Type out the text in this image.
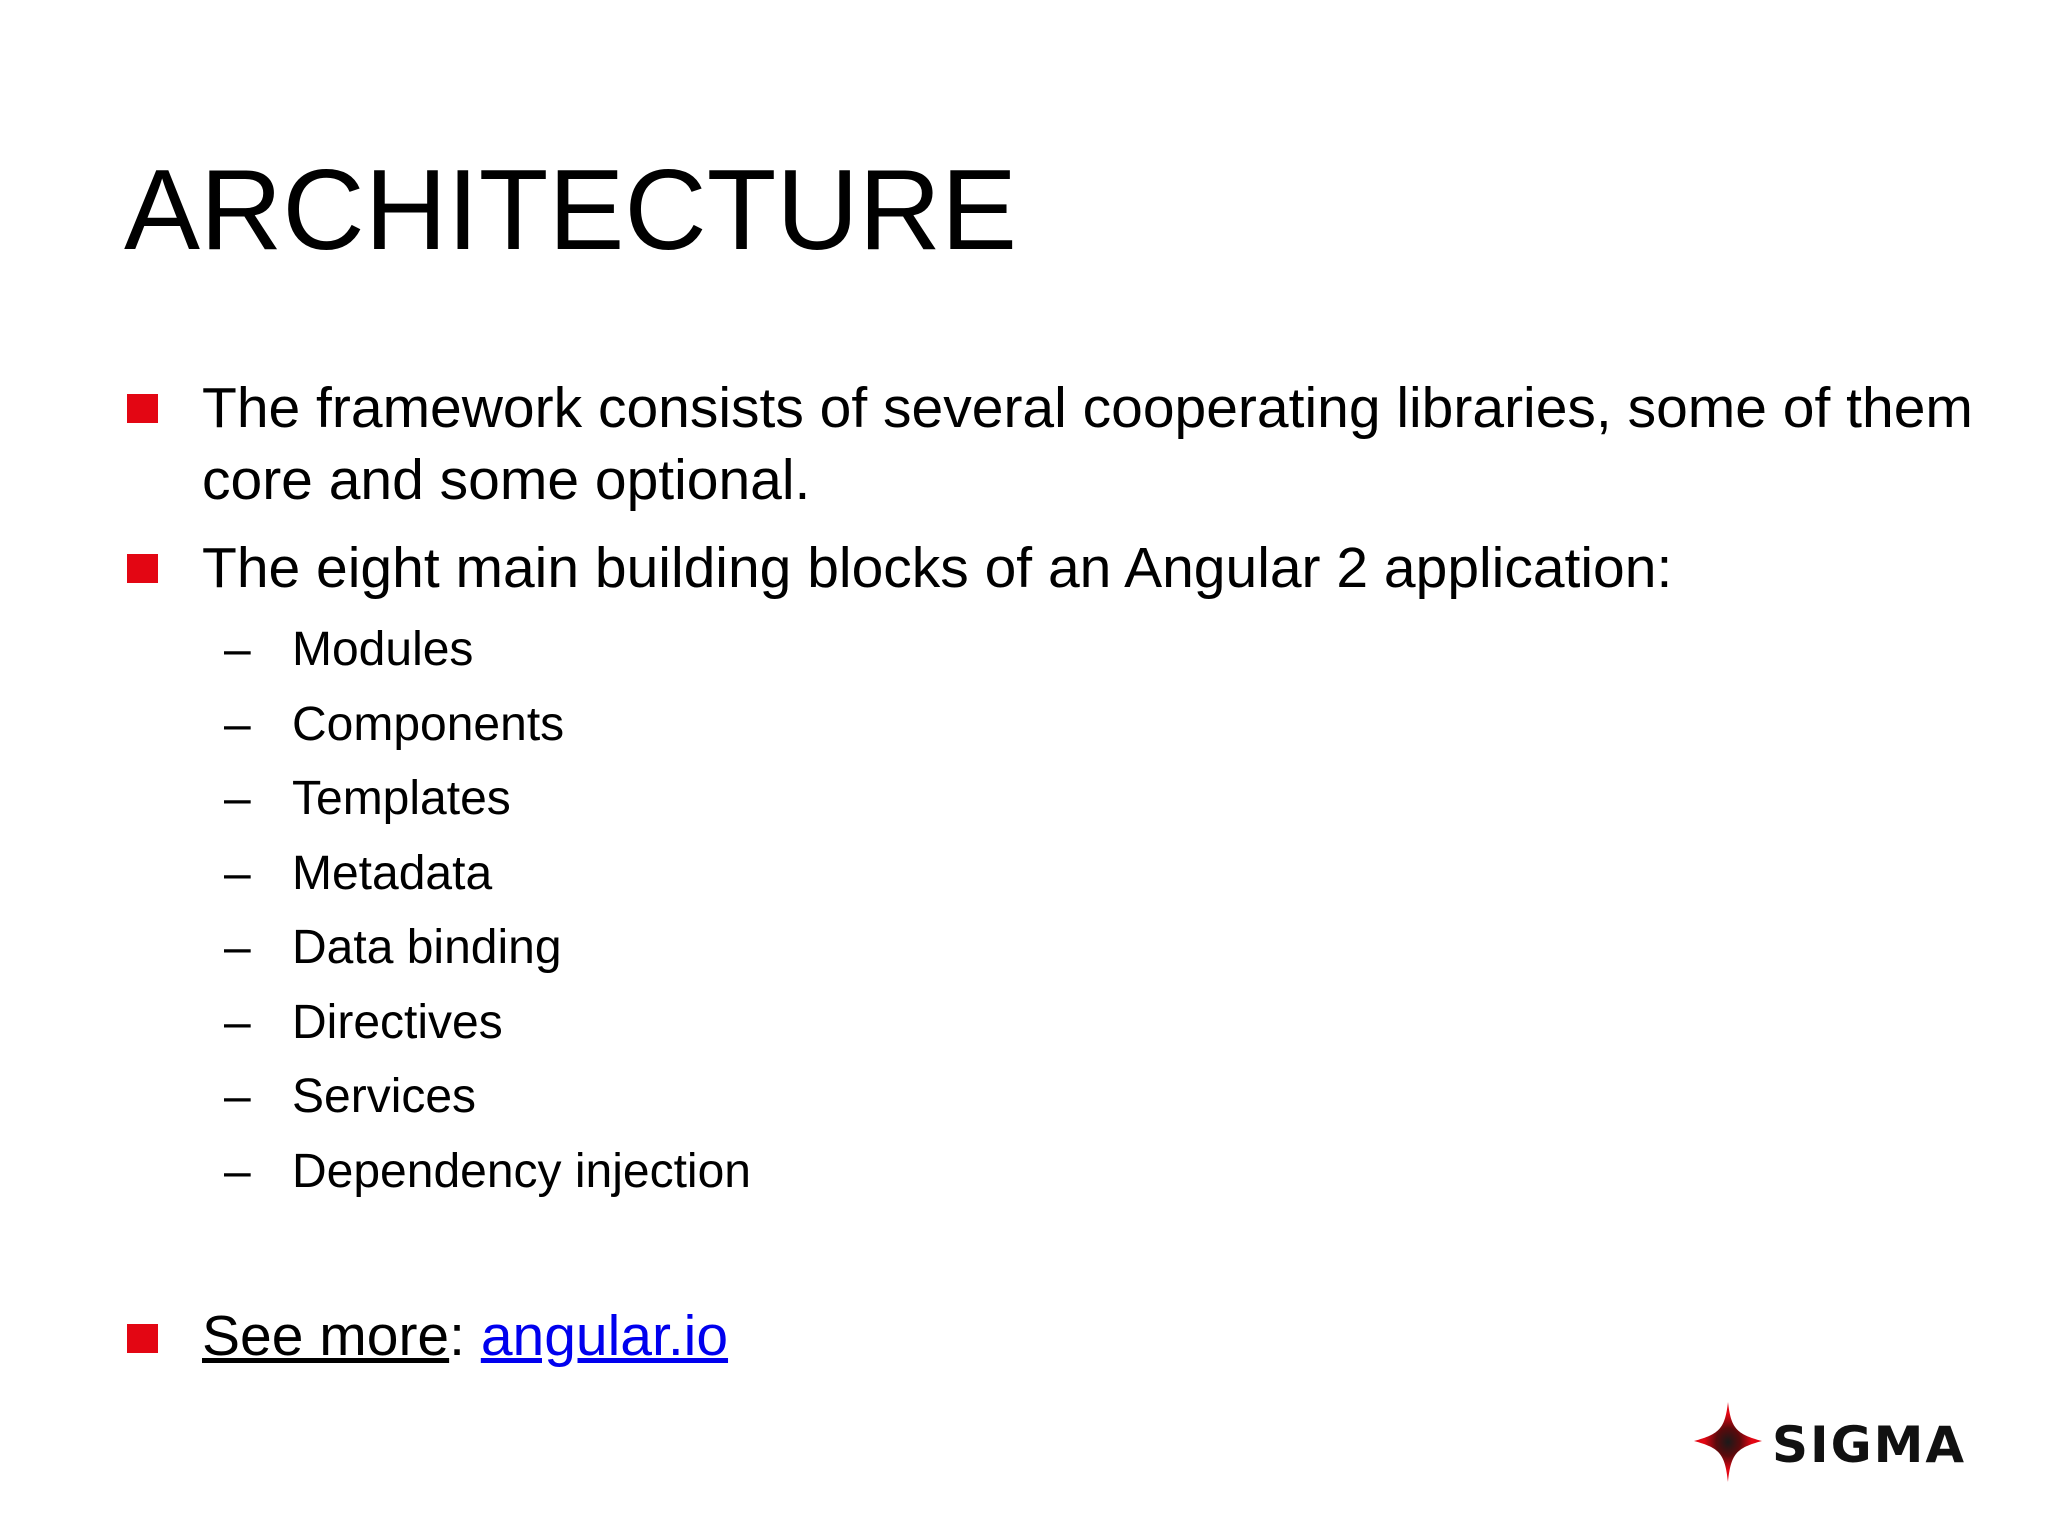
ARCHITECTURE
The framework consists of several cooperating libraries, some of them core and some optional.
The eight main building blocks of an Angular 2 application:
– Modules
– Components
– Templates
– Metadata
– Data binding
– Directives
– Services
– Dependency injection
See more: angular.io
SIGMA
